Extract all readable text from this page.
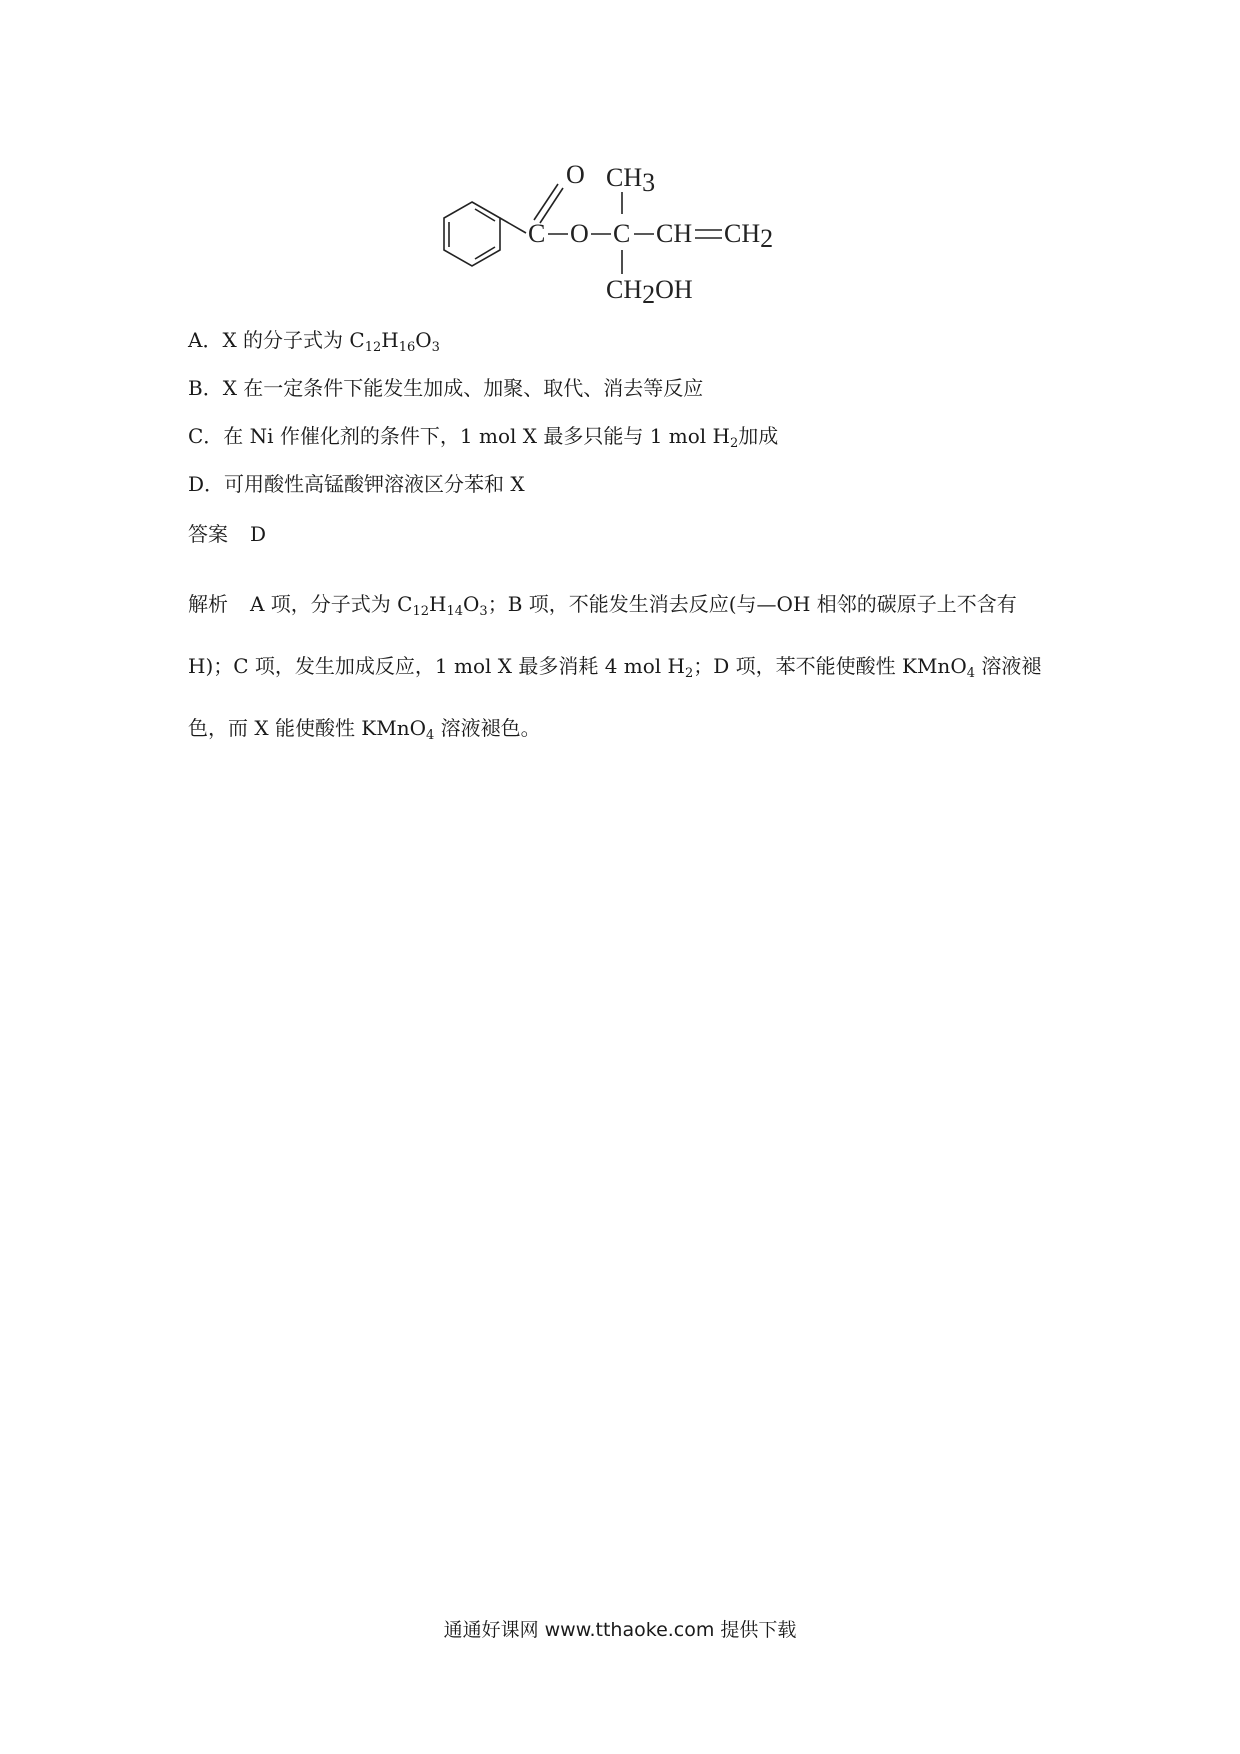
O
C O C
CH3
CH CH2
CH2OH
A．X 的分子式为 $C_{12}H_{16}O_3$
B．X 在一定条件下能发生加成、加聚、取代、消去等反应
C．在 Ni 作催化剂的条件下，1 mol X 最多只能与 1 mol $H_2$加成
D．可用酸性高锰酸钾溶液区分苯和 X
答案 D
解析 A 项，分子式为 $C_{12}H_{14}O_3$；B 项，不能发生消去反应(与—OH 相邻的碳原子上不含有
H)；C 项，发生加成反应，1 mol X 最多消耗 4 mol $H_2$；D 项，苯不能使酸性 KMnO$_4$ 溶液褪
色，而 X 能使酸性 KMnO$_4$ 溶液褪色。
通通好课网 www.tthaoke.com 提供下载
